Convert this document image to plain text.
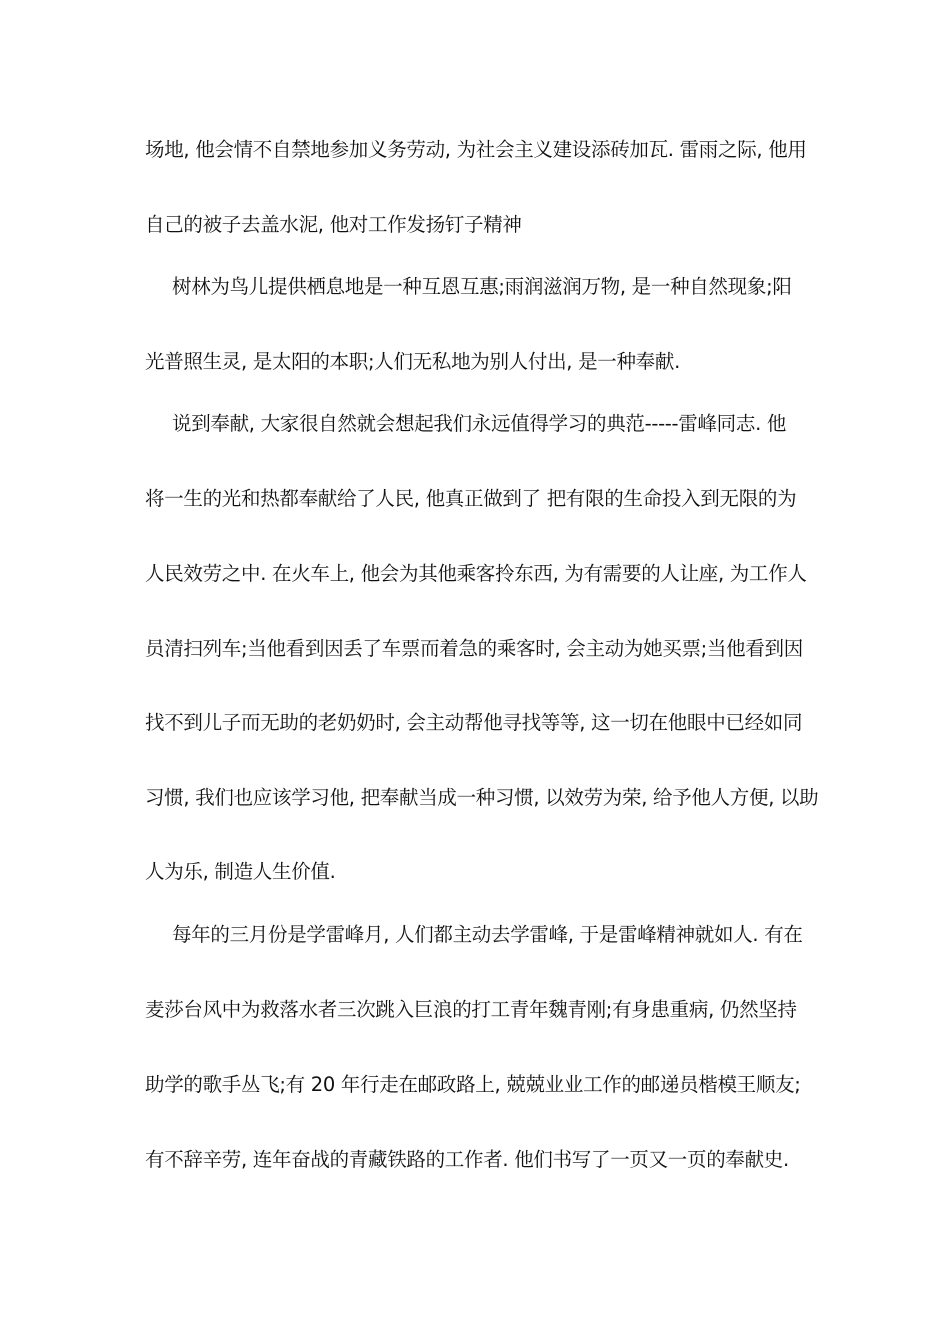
场地, 他会情不自禁地参加义务劳动, 为社会主义建设添砖加瓦. 雷雨之际, 他用
自己的被子去盖水泥, 他对工作发扬钉子精神
树林为鸟儿提供栖息地是一种互恩互惠;雨润滋润万物, 是一种自然现象;阳
光普照生灵, 是太阳的本职;人们无私地为别人付出, 是一种奉献.
说到奉献, 大家很自然就会想起我们永远值得学习的典范-----雷峰同志. 他
将一生的光和热都奉献给了人民, 他真正做到了 把有限的生命投入到无限的为
人民效劳之中. 在火车上, 他会为其他乘客拎东西, 为有需要的人让座, 为工作人
员清扫列车;当他看到因丢了车票而着急的乘客时, 会主动为她买票;当他看到因
找不到儿子而无助的老奶奶时, 会主动帮他寻找等等, 这一切在他眼中已经如同
习惯, 我们也应该学习他, 把奉献当成一种习惯, 以效劳为荣, 给予他人方便, 以助
人为乐, 制造人生价值.
每年的三月份是学雷峰月, 人们都主动去学雷峰, 于是雷峰精神就如人. 有在
麦莎台风中为救落水者三次跳入巨浪的打工青年魏青刚;有身患重病, 仍然坚持
助学的歌手丛飞;有 20 年行走在邮政路上, 兢兢业业工作的邮递员楷模王顺友;
有不辞辛劳, 连年奋战的青藏铁路的工作者. 他们书写了一页又一页的奉献史.
